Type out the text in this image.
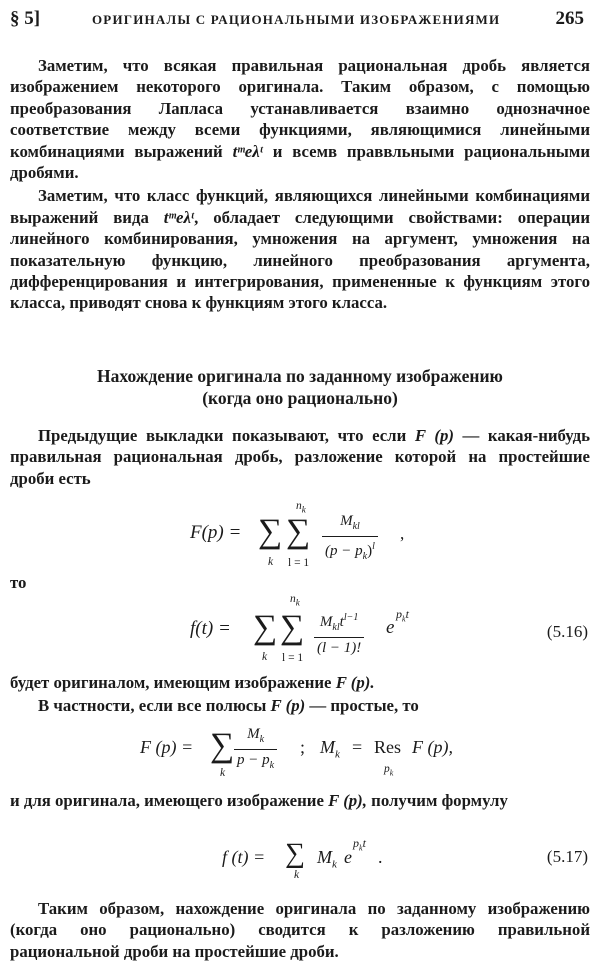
§ 5]	ОРИГИНАЛЫ С РАЦИОНАЛЬНЫМИ ИЗОБРАЖЕНИЯМИ	265

Заметим, что всякая правильная рациональная дробь является изображением некоторого оригинала. Таким образом, с помощью преобразования Лапласа устанавливается взаимно однозначное соответствие между всеми функциями, являющимися линейными комбинациями выражений tᵐeλᵗ и всемв праввльными рациональными дробями.

Заметим, что класс функций, являющихся линейными комбинациями выражений вида tᵐeλᵗ, обладает следующими свойствами: операции линейного комбинирования, умножения на аргумент, умножения на показательную функцию, линейного преобразования аргумента, дифференцирования и интегрирования, примененные к функциям этого класса, приводят снова к функциям этого класса.

Нахождение оригинала по заданному изображению
(когда оно рационально)

Предыдущие выкладки показывают, что если F (p) — какая-нибудь правильная рациональная дробь, разложение которой на простейшие дроби есть

F(p) = ∑
k
∑
$n_k$
l = 1
$M_{kl}$
$(p - p_k)^l$
,
то
f(t) = ∑
k
∑
$n_k$
l = 1
$M_{kl}t^{l-1}$
(l − 1)!
e
$p_kt$
(5.16)

будет оригиналом, имеющим изображение F (p).

В частности, если все полюсы F (p) — простые, то

F (p) = ∑
k $\frac{M_k}{p - p_k}$ ; $M_k$ = Res
$p_k$
F (p),

и для оригинала, имеющего изображение F (p), получим формулу

f (t) = ∑
k
$M_k$ e
$p_kt$
.	(5.17)

Таким образом, нахождение оригинала по заданному изображению (когда оно рационально) сводится к разложению правильной рациональной дроби на простейшие дроби.
